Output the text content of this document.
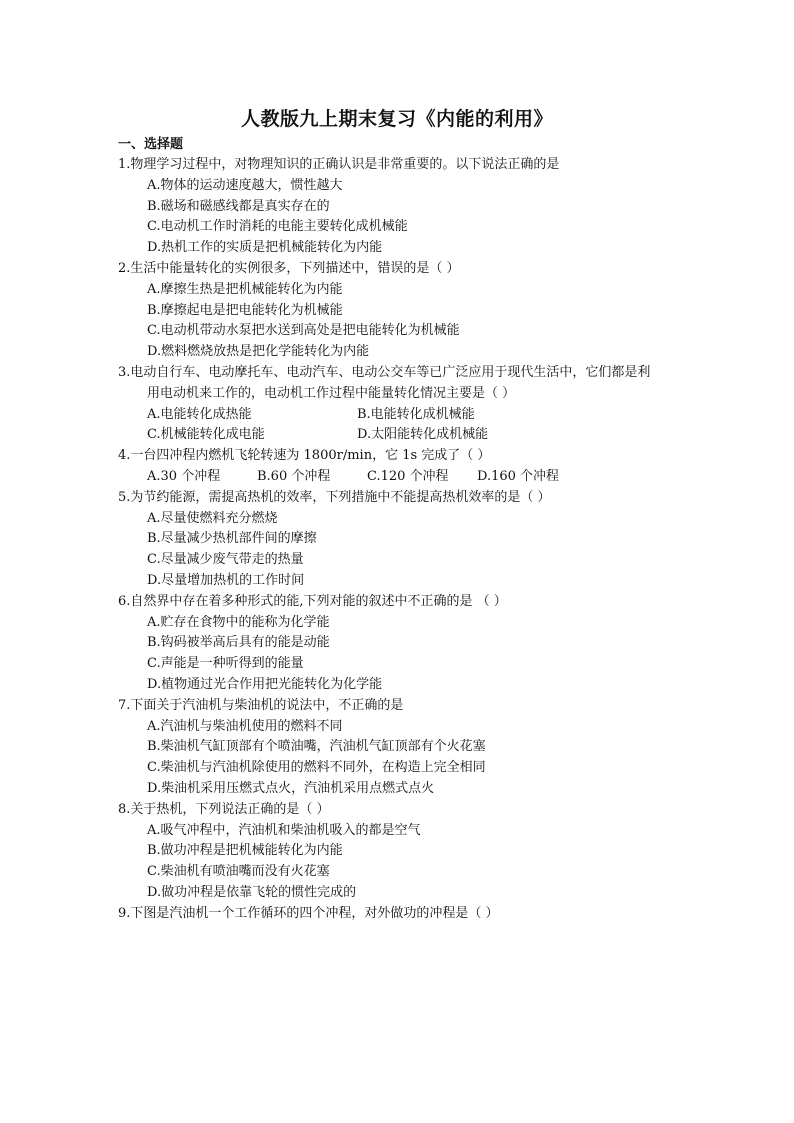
人教版九上期末复习《内能的利用》
一、选择题
1.物理学习过程中，对物理知识的正确认识是非常重要的。以下说法正确的是
A.物体的运动速度越大，惯性越大
B.磁场和磁感线都是真实存在的
C.电动机工作时消耗的电能主要转化成机械能
D.热机工作的实质是把机械能转化为内能
2.生活中能量转化的实例很多，下列描述中，错误的是（ ）
A.摩擦生热是把机械能转化为内能
B.摩擦起电是把电能转化为机械能
C.电动机带动水泵把水送到高处是把电能转化为机械能
D.燃料燃烧放热是把化学能转化为内能
3.电动自行车、电动摩托车、电动汽车、电动公交车等已广泛应用于现代生活中，它们都是利
用电动机来工作的，电动机工作过程中能量转化情况主要是（ ）
A.电能转化成热能	B.电能转化成机械能
C.机械能转化成电能	D.太阳能转化成机械能
4.一台四冲程内燃机飞轮转速为 1800r/min，它 1s 完成了（ ）
A.30 个冲程	B.60 个冲程	C.120 个冲程	D.160 个冲程
5.为节约能源，需提高热机的效率，下列措施中不能提高热机效率的是（ ）
A.尽量使燃料充分燃烧
B.尽量减少热机部件间的摩擦
C.尽量减少废气带走的热量
D.尽量增加热机的工作时间
6.自然界中存在着多种形式的能,下列对能的叙述中不正确的是 （ ）
A.贮存在食物中的能称为化学能
B.钩码被举高后具有的能是动能
C.声能是一种听得到的能量
D.植物通过光合作用把光能转化为化学能
7.下面关于汽油机与柴油机的说法中，不正确的是
A.汽油机与柴油机使用的燃料不同
B.柴油机气缸顶部有个喷油嘴，汽油机气缸顶部有个火花塞
C.柴油机与汽油机除使用的燃料不同外，在构造上完全相同
D.柴油机采用压燃式点火，汽油机采用点燃式点火
8.关于热机，下列说法正确的是（ ）
A.吸气冲程中，汽油机和柴油机吸入的都是空气
B.做功冲程是把机械能转化为内能
C.柴油机有喷油嘴而没有火花塞
D.做功冲程是依靠飞轮的惯性完成的
9.下图是汽油机一个工作循环的四个冲程，对外做功的冲程是（ ）
